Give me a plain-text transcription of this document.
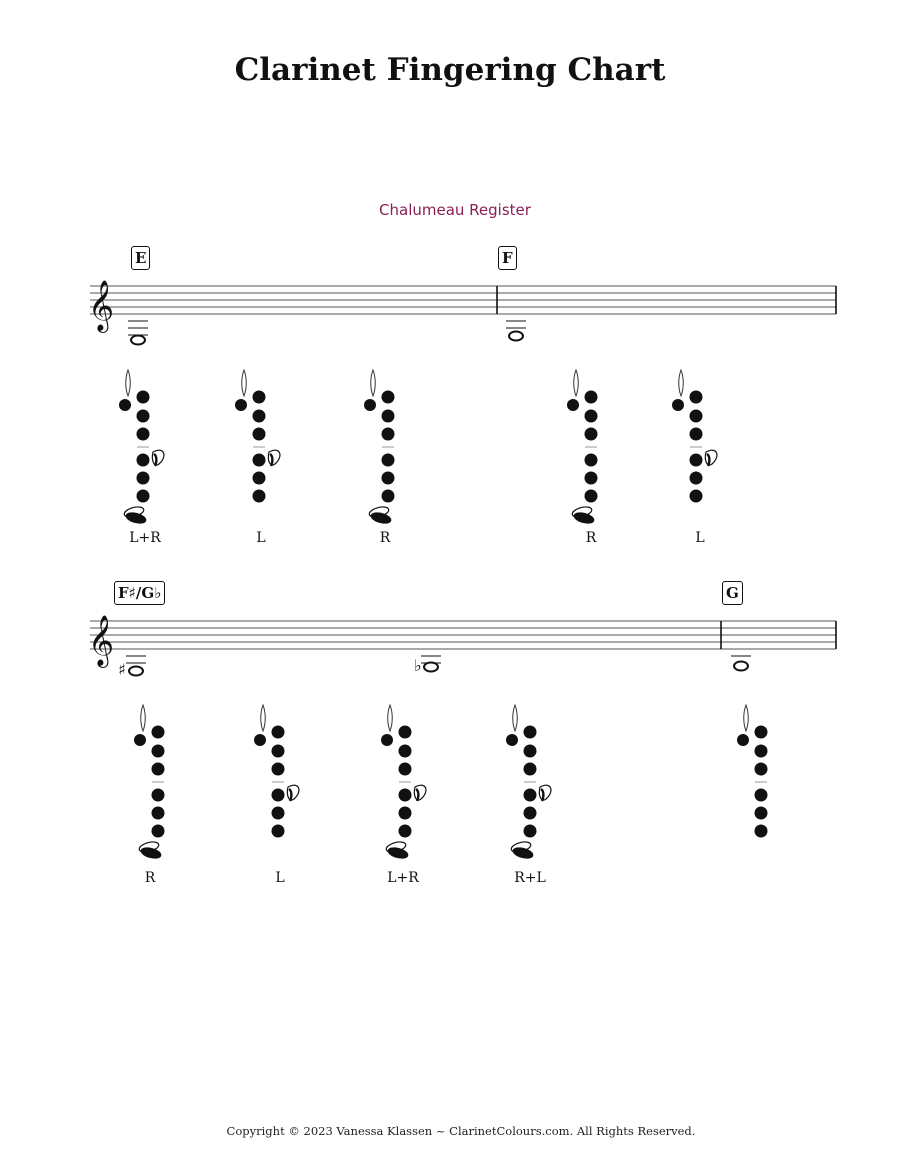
Clarinet Fingering Chart
Chalumeau Register
𝄞
E	F
L+R	L	R	R	L
𝄞
♯	♭
F♯/G♭	G
R	L	L+R	R+L
Copyright © 2023 Vanessa Klassen ~ ClarinetColours.com. All Rights Reserved.
